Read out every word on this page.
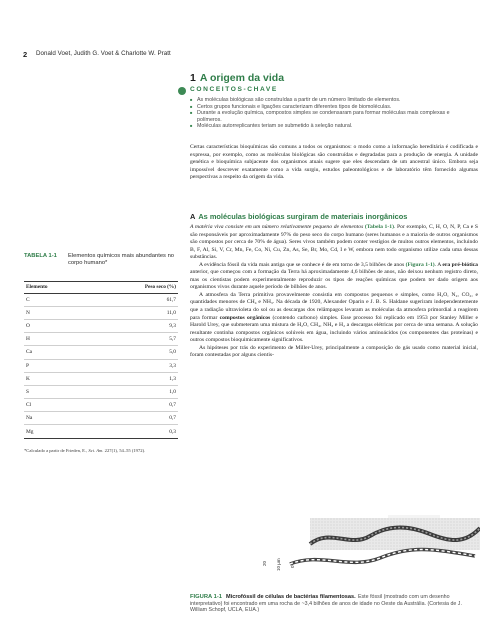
2 Donald Voet, Judith G. Voet & Charlotte W. Pratt
1 A origem da vida
CONCEITOS-CHAVE
■ As moléculas biológicas são construídas a partir de um número limitado de elementos.
■ Certos grupos funcionais e ligações caracterizam diferentes tipos de biomoléculas.
■ Durante a evolução química, compostos simples se condensaram para formar moléculas mais complexas e polímeros.
■ Moléculas autorreplicantes teriam se submetido à seleção natural.
Certas características bioquímicas são comuns a todos os organismos: o modo como a informação hereditária é codificada e expressa, por exemplo, como as moléculas biológicas são construídas e degradadas para a produção de energia. A unidade genética e bioquímica subjacente dos organismos atuais sugere que eles descendam de um ancestral único. Embora seja impossível descrever exatamente como a vida surgiu, estudos paleontológicos e de laboratório têm fornecido algumas perspectivas a respeito da origem da vida.
A As moléculas biológicas surgiram de materiais inorgânicos

A matéria viva consiste em um número relativamente pequeno de elementos (Tabela 1-1). Por exemplo, C, H, O, N, P, Ca e S são responsáveis por aproximadamente 97% do peso seco do corpo humano (seres humanos e a maioria de outros organismos são compostos por cerca de 70% de água). Seres vivos também podem conter vestígios de muitos outros elementos, incluindo B, F, Al, Si, V, Cr, Mn, Fe, Co, Ni, Cu, Zn, As, Se, Br, Mo, Cd, I e W, embora nem todo organismo utilize cada uma dessas substâncias.

A evidência fóssil da vida mais antiga que se conhece é de em torno de 3,5 bilhões de anos (Figura 1-1). A era pré-biótica anterior, que começou com a formação da Terra há aproximadamente 4,6 bilhões de anos, não deixou nenhum registro direto, mas os cientistas podem experimentalmente reproduzir os tipos de reações químicas que podem ter dado origem aos organismos vivos durante aquele período de bilhões de anos.

A atmosfera da Terra primitiva provavelmente consistia em compostos pequenos e simples, como H₂O, N₂, CO₂, e quantidades menores de CH₄ e NH₃. Na década de 1920, Alexander Oparin e J. B. S. Haldane sugeriram independentemente que a radiação ultravioleta do sol ou as descargas dos relâmpagos levaram as moléculas da atmosfera primordial a reagirem para formar compostos orgânicos (contendo carbono) simples. Esse processo foi replicado em 1953 por Stanley Miller e Harold Urey, que submeteram uma mistura de H₂O, CH₄, NH₃ e H₂ a descargas elétricas por cerca de uma semana. A solução resultante continha compostos orgânicos solúveis em água, incluindo vários aminoácidos (os componentes das proteínas) e outros compostos bioquimicamente significativos.

As hipóteses por trás do experimento de Miller-Urey, principalmente a composição do gás usado como material inicial, foram contestadas por alguns cientis-

TABELA 1-1 Elementos químicos mais abundantes no corpo humano*
Elemento	Peso seco (%)
C	61,7
N	11,0
O	9,3
H	5,7
Ca	5,0
P	3,3
K	1,3
S	1,0
Cl	0,7
Na	0,7
Mg	0,3
*Calculado a partir de Frieden, E., Sci. Am. 227(1), 54–55 (1972).
20 10 μm 0
Este fóssil (mostrado com um desenho interpretativo) foi encontrado em uma rocha de ~3,4 bilhões de anos de idade no Oeste da Austrália. (Cortesia de J. William Schopf, UCLA, EUA.)
FIGURA 1-1 Microfóssil de células de bactérias filamentosas.
